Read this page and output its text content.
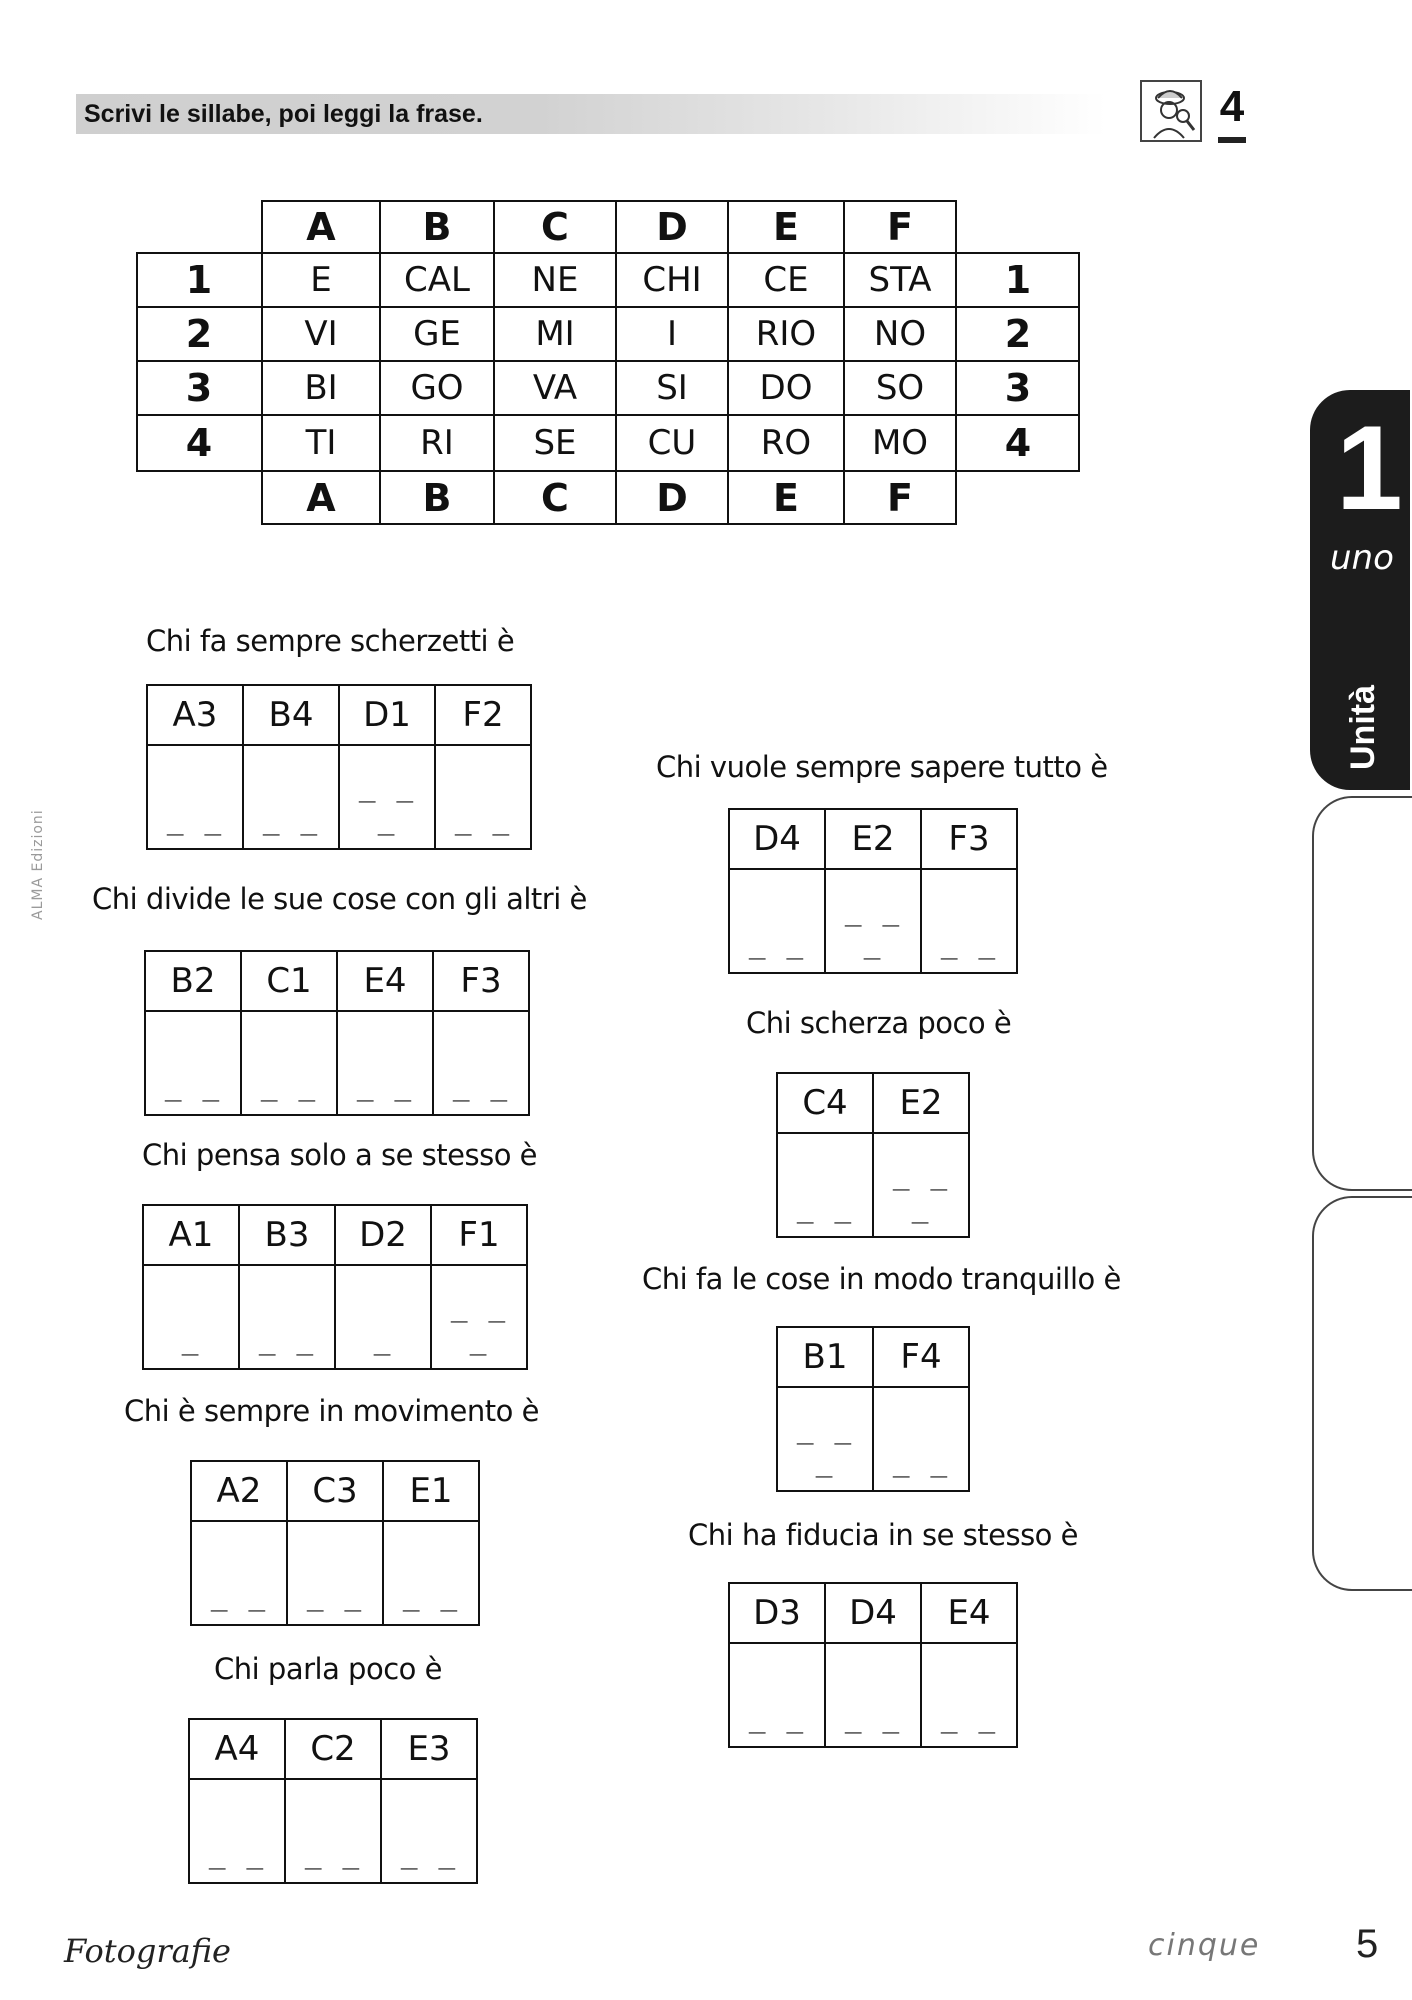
Scrivi le sillabe, poi leggi la frase.	4
A	B	C	D	E	F
1	E	CAL	NE	CHI	CE	STA	1
2	VI	GE	MI	I	RIO	NO	2
3	BI	GO	VA	SI	DO	SO	3
4	TI	RI	SE	CU	RO	MO	4
A	B	C	D	E	F
Chi fa sempre scherzetti è
A3	B4	D1	F2
_ _	_ _	_ _ _	_ _
Chi divide le sue cose con gli altri è
B2	C1	E4	F3
_ _	_ _	_ _	_ _
Chi pensa solo a se stesso è
A1	B3	D2	F1
_	_ _	_	_ _ _
Chi è sempre in movimento è
A2	C3	E1
_ _	_ _	_ _
Chi parla poco è
A4	C2	E3
_ _	_ _	_ _
Chi vuole sempre sapere tutto è
D4	E2	F3
_ _	_ _ _	_ _
Chi scherza poco è
C4	E2
_ _	_ _ _
Chi fa le cose in modo tranquillo è
B1	F4
_ _ _	_ _
Chi ha fiducia in se stesso è
D3	D4	E4
_ _	_ _	_ _
1
uno
Unità
ALMA Edizioni
Fotografie	cinque 5
